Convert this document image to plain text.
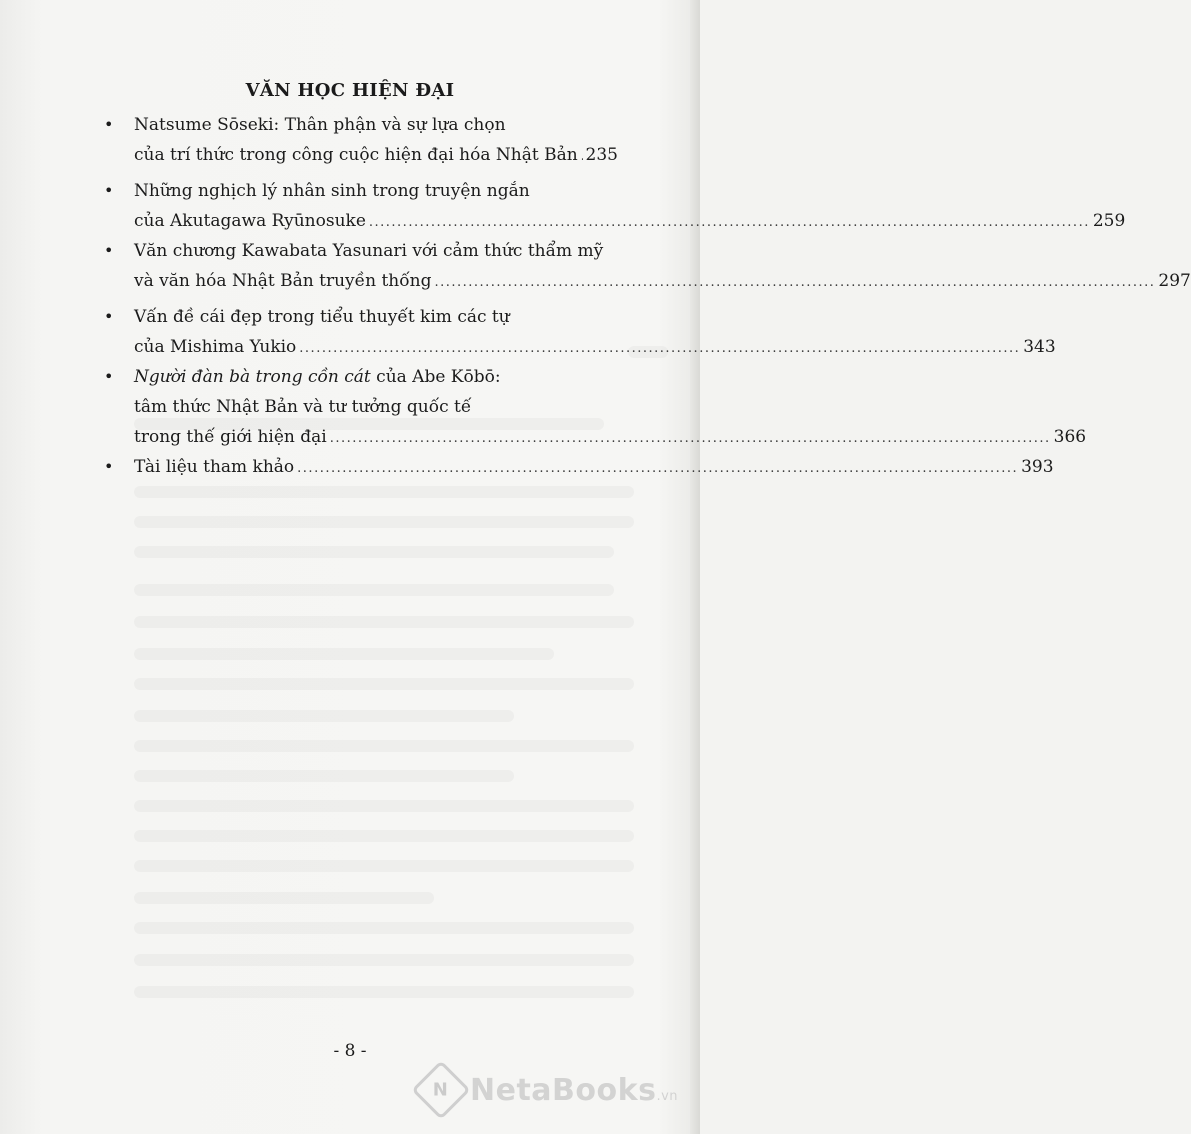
VĂN HỌC HIỆN ĐẠI
• Natsume Sōseki: Thân phận và sự lựa chọn
của trí thức trong công cuộc hiện đại hóa Nhật Bản 235
• Những nghịch lý nhân sinh trong truyện ngắn
của Akutagawa Ryūnosuke ................................................................................................................................ 259
• Văn chương Kawabata Yasunari với cảm thức thẩm mỹ
và văn hóa Nhật Bản truyền thống ................................................................................................................................ 297
• Vấn đề cái đẹp trong tiểu thuyết kim các tự
của Mishima Yukio ................................................................................................................................ 343
• Người đàn bà trong cồn cát của Abe Kōbō:
tâm thức Nhật Bản và tư tưởng quốc tế
trong thế giới hiện đại ................................................................................................................................ 366
• Tài liệu tham khảo ................................................................................................................................ 393
- 8 -
N NetaBooks.vn
